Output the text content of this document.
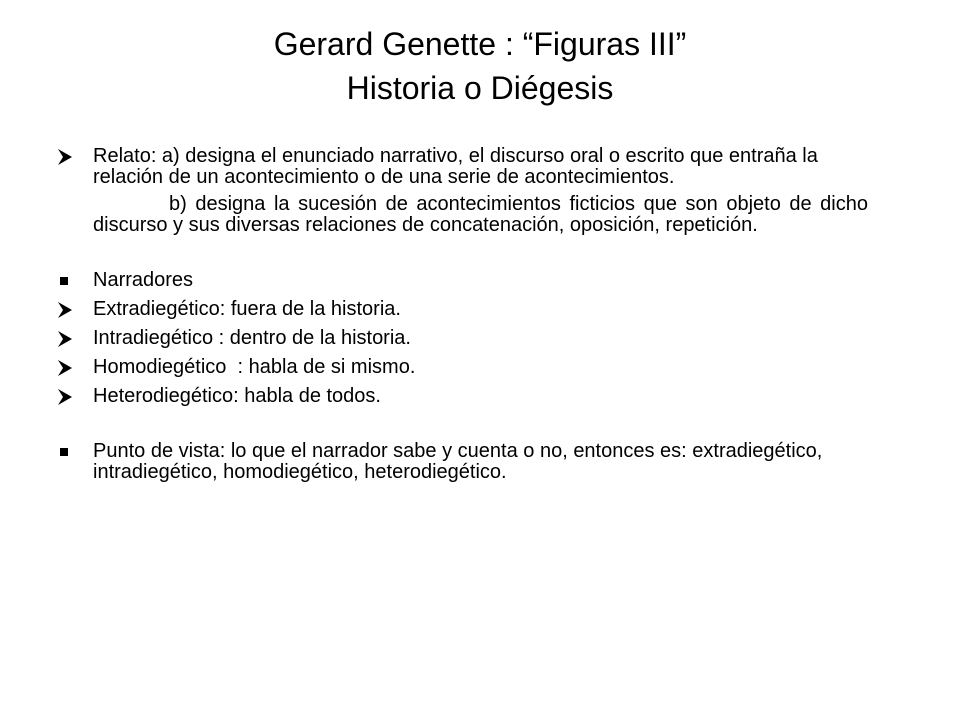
Gerard Genette : “Figuras III”
Historia o Diégesis
Relato: a) designa el enunciado narrativo, el discurso oral o escrito que entraña la relación de un acontecimiento o de una serie de acontecimientos.
b) designa la sucesión de acontecimientos ficticios que son objeto de dicho discurso y sus diversas relaciones de concatenación, oposición, repetición.
Narradores
Extradiegético: fuera de la historia.
Intradiegético : dentro de la historia.
Homodiegético  : habla de si mismo.
Heterodiegético: habla de todos.
Punto de vista: lo que el narrador sabe y cuenta o no, entonces es: extradiegético, intradiegético, homodiegético, heterodiegético.
